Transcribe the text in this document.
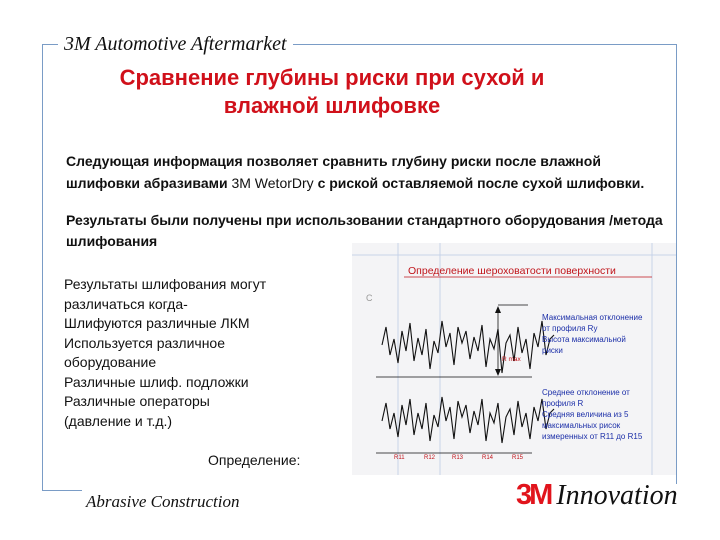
3M Automotive Aftermarket
Сравнение глубины риски при сухой и
влажной шлифовке
Следующая информация позволяет сравнить глубину риски после влажной шлифовки абразивами 3M WetorDry с риской оставляемой после сухой шлифовки.
Результаты были получены при использовании стандартного оборудования /метода шлифования
Результаты шлифования могут
различаться когда-
Шлифуются различные ЛКМ
Используется различное
оборудование
Различные шлиф. подложки
Различные операторы
(давление и т.д.)
Определение:
Определение шероховатости поверхности
C
R max
Максимальная отклонение
от профиля Ry
Высота максимальной
риски
R11	R12	R13	R14	R15
Среднее отклонение от
профиля R
Средняя величина из 5
максимальных рисок
измеренных от R11 до R15
Abrasive Construction	3M Innovation
